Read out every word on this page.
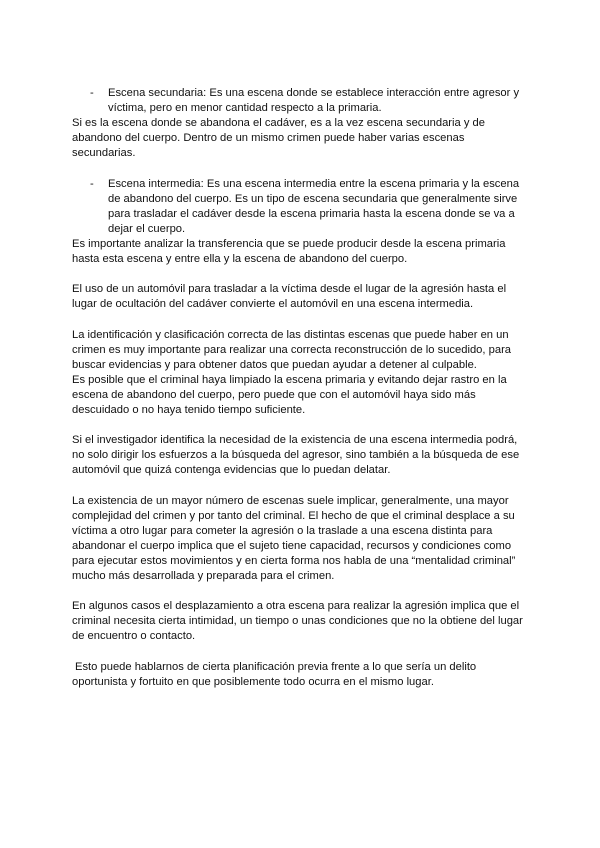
- Escena secundaria: Es una escena donde se establece interacción entre agresor y víctima, pero en menor cantidad respecto a la primaria.

Si es la escena donde se abandona el cadáver, es a la vez escena secundaria y de abandono del cuerpo. Dentro de un mismo crimen puede haber varias escenas secundarias.

- Escena intermedia: Es una escena intermedia entre la escena primaria y la escena de abandono del cuerpo. Es un tipo de escena secundaria que generalmente sirve para trasladar el cadáver desde la escena primaria hasta la escena donde se va a dejar el cuerpo.

Es importante analizar la transferencia que se puede producir desde la escena primaria hasta esta escena y entre ella y la escena de abandono del cuerpo.

El uso de un automóvil para trasladar a la víctima desde el lugar de la agresión hasta el lugar de ocultación del cadáver convierte el automóvil en una escena intermedia.

La identificación y clasificación correcta de las distintas escenas que puede haber en un crimen es muy importante para realizar una correcta reconstrucción de lo sucedido, para buscar evidencias y para obtener datos que puedan ayudar a detener al culpable.

Es posible que el criminal haya limpiado la escena primaria y evitando dejar rastro en la escena de abandono del cuerpo, pero puede que con el automóvil haya sido más descuidado o no haya tenido tiempo suficiente.

Si el investigador identifica la necesidad de la existencia de una escena intermedia podrá, no solo dirigir los esfuerzos a la búsqueda del agresor, sino también a la búsqueda de ese automóvil que quizá contenga evidencias que lo puedan delatar.

La existencia de un mayor número de escenas suele implicar, generalmente, una mayor complejidad del crimen y por tanto del criminal. El hecho de que el criminal desplace a su víctima a otro lugar para cometer la agresión o la traslade a una escena distinta para abandonar el cuerpo implica que el sujeto tiene capacidad, recursos y condiciones como para ejecutar estos movimientos y en cierta forma nos habla de una “mentalidad criminal” mucho más desarrollada y preparada para el crimen.

En algunos casos el desplazamiento a otra escena para realizar la agresión implica que el criminal necesita cierta intimidad, un tiempo o unas condiciones que no la obtiene del lugar de encuentro o contacto.

Esto puede hablarnos de cierta planificación previa frente a lo que sería un delito oportunista y fortuito en que posiblemente todo ocurra en el mismo lugar.
